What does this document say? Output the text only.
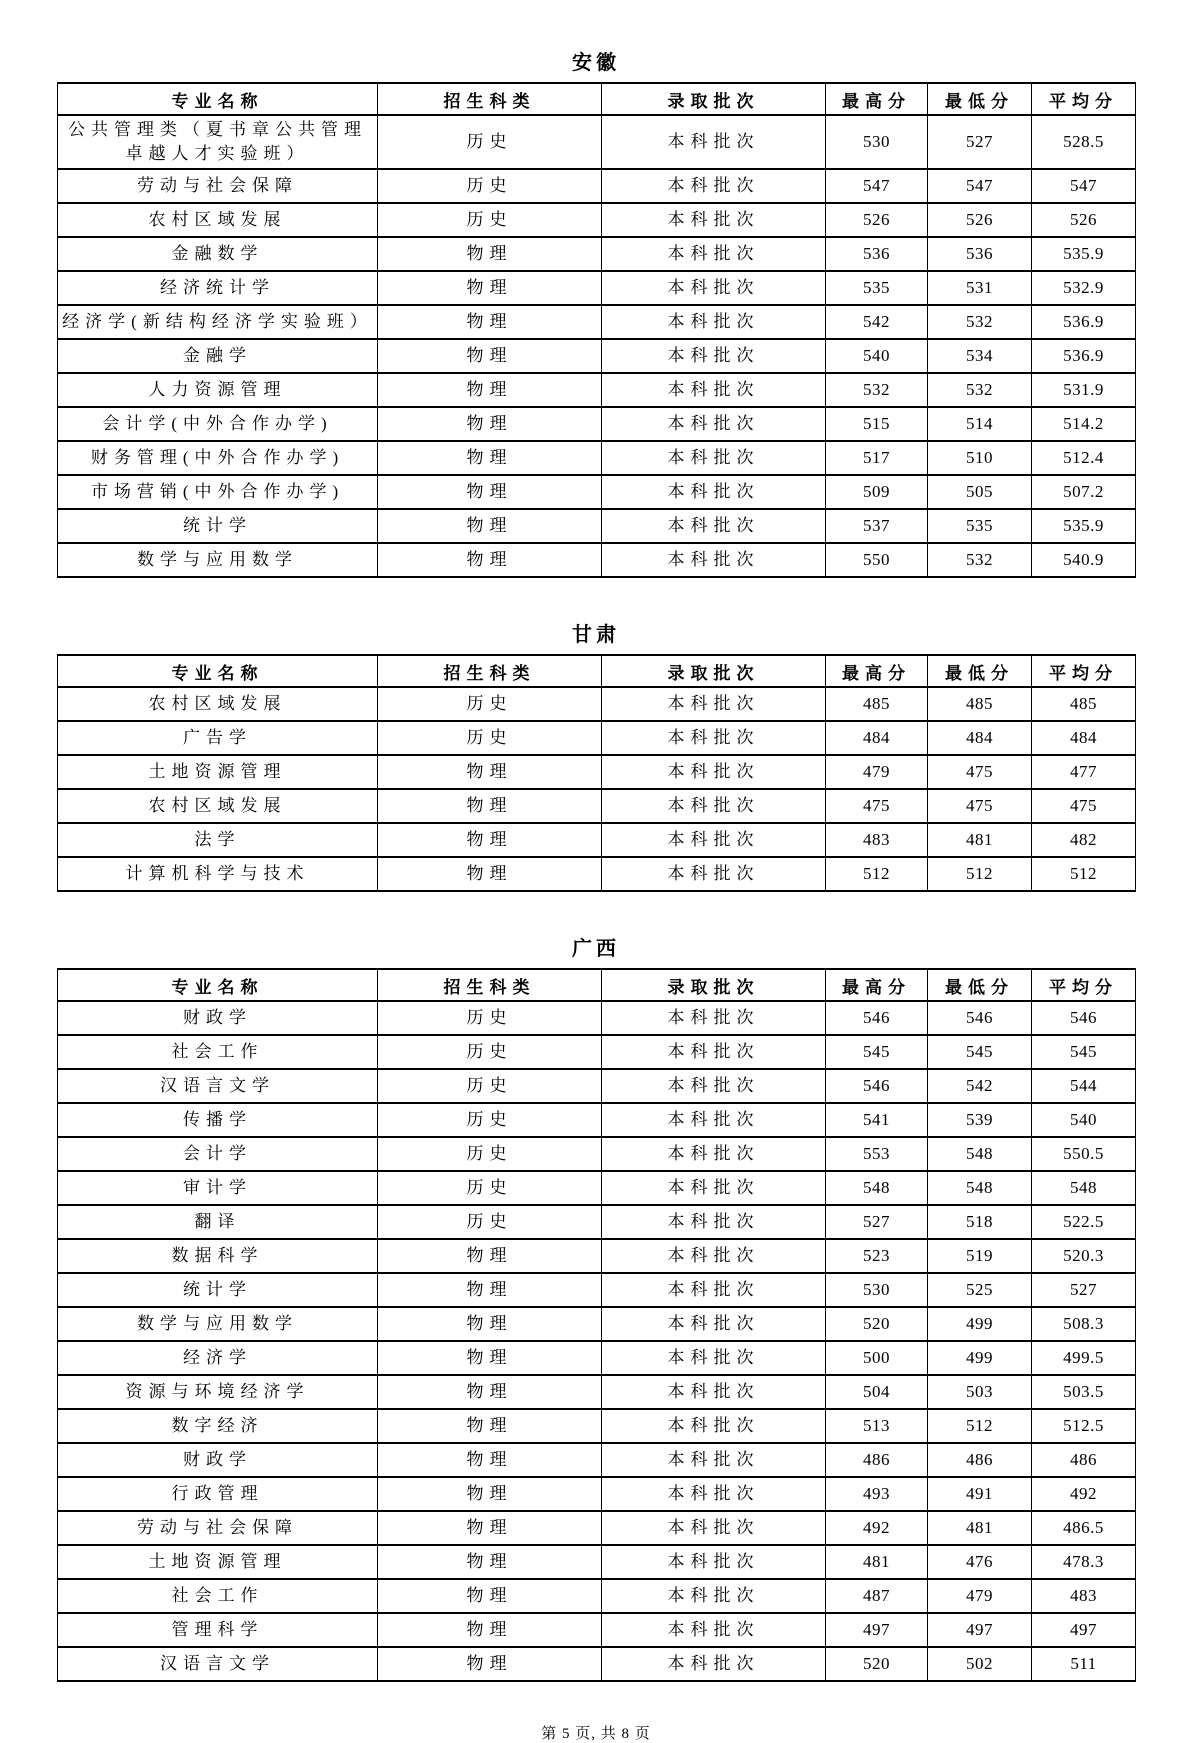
安徽
专业名称	招生科类	录取批次	最高分	最低分	平均分
公共管理类（夏书章公共管理卓越人才实验班）	历史	本科批次	530	527	528.5
劳动与社会保障	历史	本科批次	547	547	547
农村区域发展	历史	本科批次	526	526	526
金融数学	物理	本科批次	536	536	535.9
经济统计学	物理	本科批次	535	531	532.9
经济学(新结构经济学实验班）	物理	本科批次	542	532	536.9
金融学	物理	本科批次	540	534	536.9
人力资源管理	物理	本科批次	532	532	531.9
会计学(中外合作办学)	物理	本科批次	515	514	514.2
财务管理(中外合作办学)	物理	本科批次	517	510	512.4
市场营销(中外合作办学)	物理	本科批次	509	505	507.2
统计学	物理	本科批次	537	535	535.9
数学与应用数学	物理	本科批次	550	532	540.9
甘肃
专业名称	招生科类	录取批次	最高分	最低分	平均分
农村区域发展	历史	本科批次	485	485	485
广告学	历史	本科批次	484	484	484
土地资源管理	物理	本科批次	479	475	477
农村区域发展	物理	本科批次	475	475	475
法学	物理	本科批次	483	481	482
计算机科学与技术	物理	本科批次	512	512	512
广西
专业名称	招生科类	录取批次	最高分	最低分	平均分
财政学	历史	本科批次	546	546	546
社会工作	历史	本科批次	545	545	545
汉语言文学	历史	本科批次	546	542	544
传播学	历史	本科批次	541	539	540
会计学	历史	本科批次	553	548	550.5
审计学	历史	本科批次	548	548	548
翻译	历史	本科批次	527	518	522.5
数据科学	物理	本科批次	523	519	520.3
统计学	物理	本科批次	530	525	527
数学与应用数学	物理	本科批次	520	499	508.3
经济学	物理	本科批次	500	499	499.5
资源与环境经济学	物理	本科批次	504	503	503.5
数字经济	物理	本科批次	513	512	512.5
财政学	物理	本科批次	486	486	486
行政管理	物理	本科批次	493	491	492
劳动与社会保障	物理	本科批次	492	481	486.5
土地资源管理	物理	本科批次	481	476	478.3
社会工作	物理	本科批次	487	479	483
管理科学	物理	本科批次	497	497	497
汉语言文学	物理	本科批次	520	502	511
第 5 页, 共 8 页
